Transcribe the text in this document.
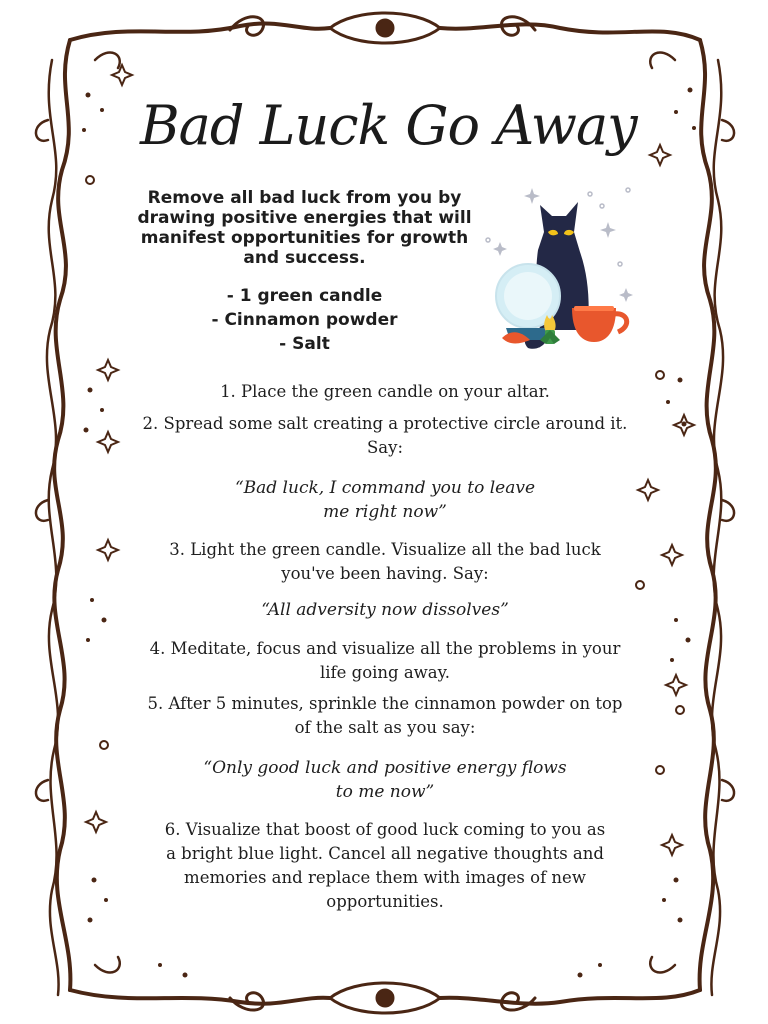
Bad Luck Go Away
Remove all bad luck from you by drawing positive energies that will manifest opportunities for growth and success.
- 1 green candle
- Cinnamon powder
- Salt
1. Place the green candle on your altar.
2. Spread some salt creating a protective circle around it. Say:
“Bad luck, I command you to leave me right now”
3. Light the green candle. Visualize all the bad luck you've been having. Say:
“All adversity now dissolves”
4. Meditate, focus and visualize all the problems in your life going away.
5. After 5 minutes, sprinkle the cinnamon powder on top of the salt as you say:
“Only good luck and positive energy flows to me now”
6. Visualize that boost of good luck coming to you as a bright blue light. Cancel all negative thoughts and memories and replace them with images of new opportunities.
